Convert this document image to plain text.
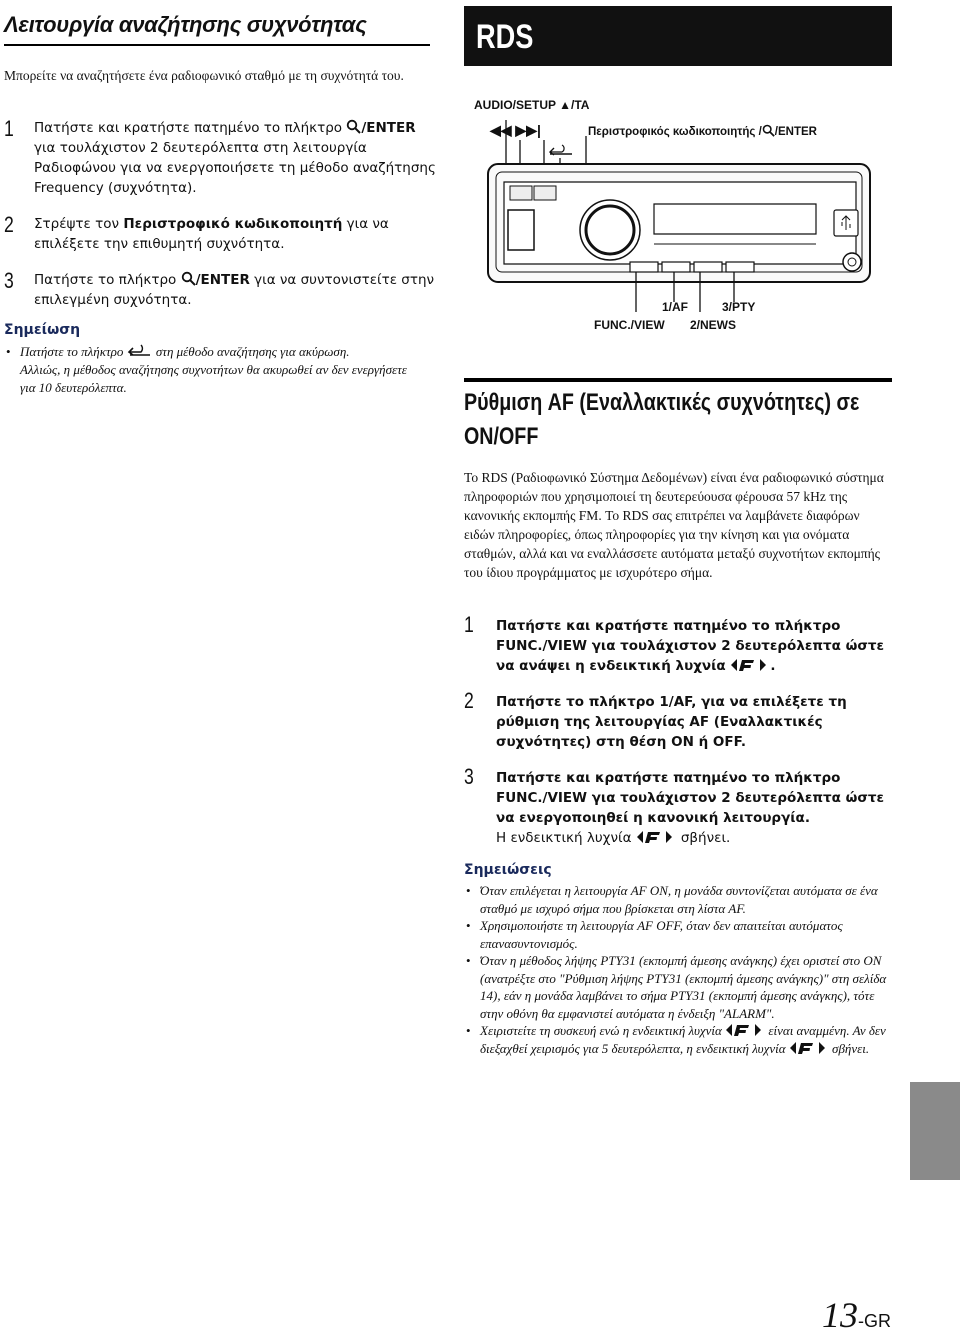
Λειτουργία αναζήτησης συχνότητας
Μπορείτε να αναζητήσετε ένα ραδιοφωνικό σταθμό με τη συχνότητά του.
1 Πατήστε και κρατήστε πατημένο το πλήκτρο /ENTER για τουλάχιστον 2 δευτερόλεπτα στη λειτουργία Ραδιοφώνου για να ενεργοποιήσετε τη μέθοδο αναζήτησης Frequency (συχνότητα).
2 Στρέψτε τον Περιστροφικό κωδικοποιητή για να επιλέξετε την επιθυμητή συχνότητα.
3 Πατήστε το πλήκτρο /ENTER για να συντονιστείτε στην επιλεγμένη συχνότητα.
Σημείωση
• Πατήστε το πλήκτρο  στη μέθοδο αναζήτησης για ακύρωση.
Αλλιώς, η μέθοδος αναζήτησης συχνοτήτων θα ακυρωθεί αν δεν ενεργήσετε για 10 δευτερόλεπτα.
RDS
AUDIO/SETUP ▲/TA
◀◀ ▶▶|	Περιστροφικός κωδικοποιητής / /ENTER
1/AF	3/PTY
FUNC./VIEW 2/NEWS
Ρύθμιση AF (Εναλλακτικές συχνότητες) σε ON/OFF
Το RDS (Ραδιοφωνικό Σύστημα Δεδομένων) είναι ένα ραδιοφωνικό σύστημα πληροφοριών που χρησιμοποιεί τη δευτερεύουσα φέρουσα 57 kHz της κανονικής εκπομπής FM. Το RDS σας επιτρέπει να λαμβάνετε διαφόρων ειδών πληροφορίες, όπως πληροφορίες για την κίνηση και για ονόματα σταθμών, αλλά και να εναλλάσσετε αυτόματα μεταξύ συχνοτήτων εκπομπής του ίδιου προγράμματος με ισχυρότερο σήμα.
1 Πατήστε και κρατήστε πατημένο το πλήκτρο FUNC./VIEW για τουλάχιστον 2 δευτερόλεπτα ώστε να ανάψει η ενδεικτική λυχνία	.
2 Πατήστε το πλήκτρο 1/AF, για να επιλέξετε τη ρύθμιση της λειτουργίας AF (Εναλλακτικές συχνότητες) στη θέση ON ή OFF.
3 Πατήστε και κρατήστε πατημένο το πλήκτρο FUNC./VIEW για τουλάχιστον 2 δευτερόλεπτα ώστε να ενεργοποιηθεί η κανονική λειτουργία.
Η ενδεικτική λυχνία	σβήνει.
Σημειώσεις
• Όταν επιλέγεται η λειτουργία AF ON, η μονάδα συντονίζεται αυτόματα σε ένα σταθμό με ισχυρό σήμα που βρίσκεται στη λίστα AF.
• Χρησιμοποιήστε τη λειτουργία AF OFF, όταν δεν απαιτείται αυτόματος επανασυντονισμός.
• Όταν η μέθοδος λήψης PTY31 (εκπομπή άμεσης ανάγκης) έχει οριστεί στο ON (ανατρέξτε στο "Ρύθμιση λήψης PTY31 (εκπομπή άμεσης ανάγκης)" στη σελίδα 14), εάν η μονάδα λαμβάνει το σήμα PTY31 (εκπομπή άμεσης ανάγκης), τότε στην οθόνη θα εμφανιστεί αυτόματα η ένδειξη "ALARM".
• Χειριστείτε τη συσκευή ενώ η ενδεικτική λυχνία	είναι αναμμένη. Αν δεν διεξαχθεί χειρισμός για 5 δευτερόλεπτα, η ενδεικτική λυχνία	σβήνει.
13-GR
